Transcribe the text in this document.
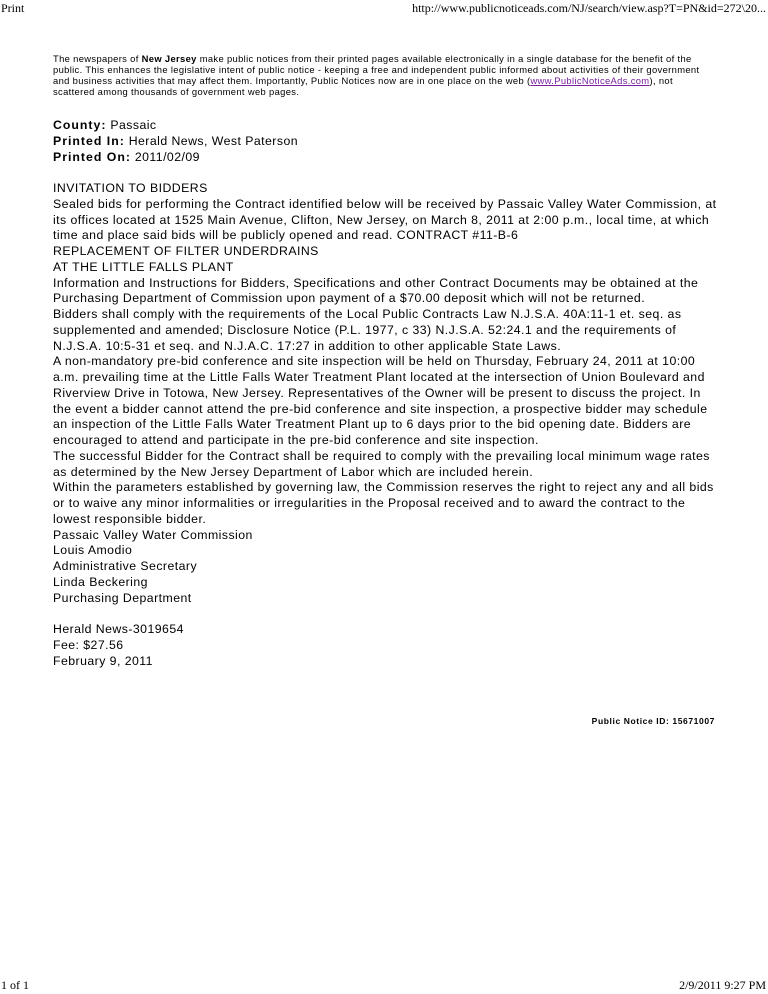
Print	http://www.publicnoticeads.com/NJ/search/view.asp?T=PN&id=272\20...
The newspapers of New Jersey make public notices from their printed pages available electronically in a single database for the benefit of the public. This enhances the legislative intent of public notice - keeping a free and independent public informed about activities of their government and business activities that may affect them. Importantly, Public Notices now are in one place on the web (www.PublicNoticeAds.com), not scattered among thousands of government web pages.

County: Passaic

Printed In: Herald News, West Paterson

Printed On: 2011/02/09

INVITATION TO BIDDERS

Sealed bids for performing the Contract identified below will be received by Passaic Valley Water Commission, at its offices located at 1525 Main Avenue, Clifton, New Jersey, on March 8, 2011 at 2:00 p.m., local time, at which time and place said bids will be publicly opened and read. CONTRACT #11-B-6

REPLACEMENT OF FILTER UNDERDRAINS

AT THE LITTLE FALLS PLANT

Information and Instructions for Bidders, Specifications and other Contract Documents may be obtained at the Purchasing Department of Commission upon payment of a $70.00 deposit which will not be returned.

Bidders shall comply with the requirements of the Local Public Contracts Law N.J.S.A. 40A:11-1 et. seq. as supplemented and amended; Disclosure Notice (P.L. 1977, c 33) N.J.S.A. 52:24.1 and the requirements of N.J.S.A. 10:5-31 et seq. and N.J.A.C. 17:27 in addition to other applicable State Laws.

A non-mandatory pre-bid conference and site inspection will be held on Thursday, February 24, 2011 at 10:00 a.m. prevailing time at the Little Falls Water Treatment Plant located at the intersection of Union Boulevard and Riverview Drive in Totowa, New Jersey. Representatives of the Owner will be present to discuss the project. In the event a bidder cannot attend the pre-bid conference and site inspection, a prospective bidder may schedule an inspection of the Little Falls Water Treatment Plant up to 6 days prior to the bid opening date. Bidders are encouraged to attend and participate in the pre-bid conference and site inspection.

The successful Bidder for the Contract shall be required to comply with the prevailing local minimum wage rates as determined by the New Jersey Department of Labor which are included herein.

Within the parameters established by governing law, the Commission reserves the right to reject any and all bids or to waive any minor informalities or irregularities in the Proposal received and to award the contract to the lowest responsible bidder.

Passaic Valley Water Commission

Louis Amodio

Administrative Secretary

Linda Beckering

Purchasing Department

Herald News-3019654

Fee: $27.56

February 9, 2011

Public Notice ID: 15671007
1 of 1	2/9/2011 9:27 PM
